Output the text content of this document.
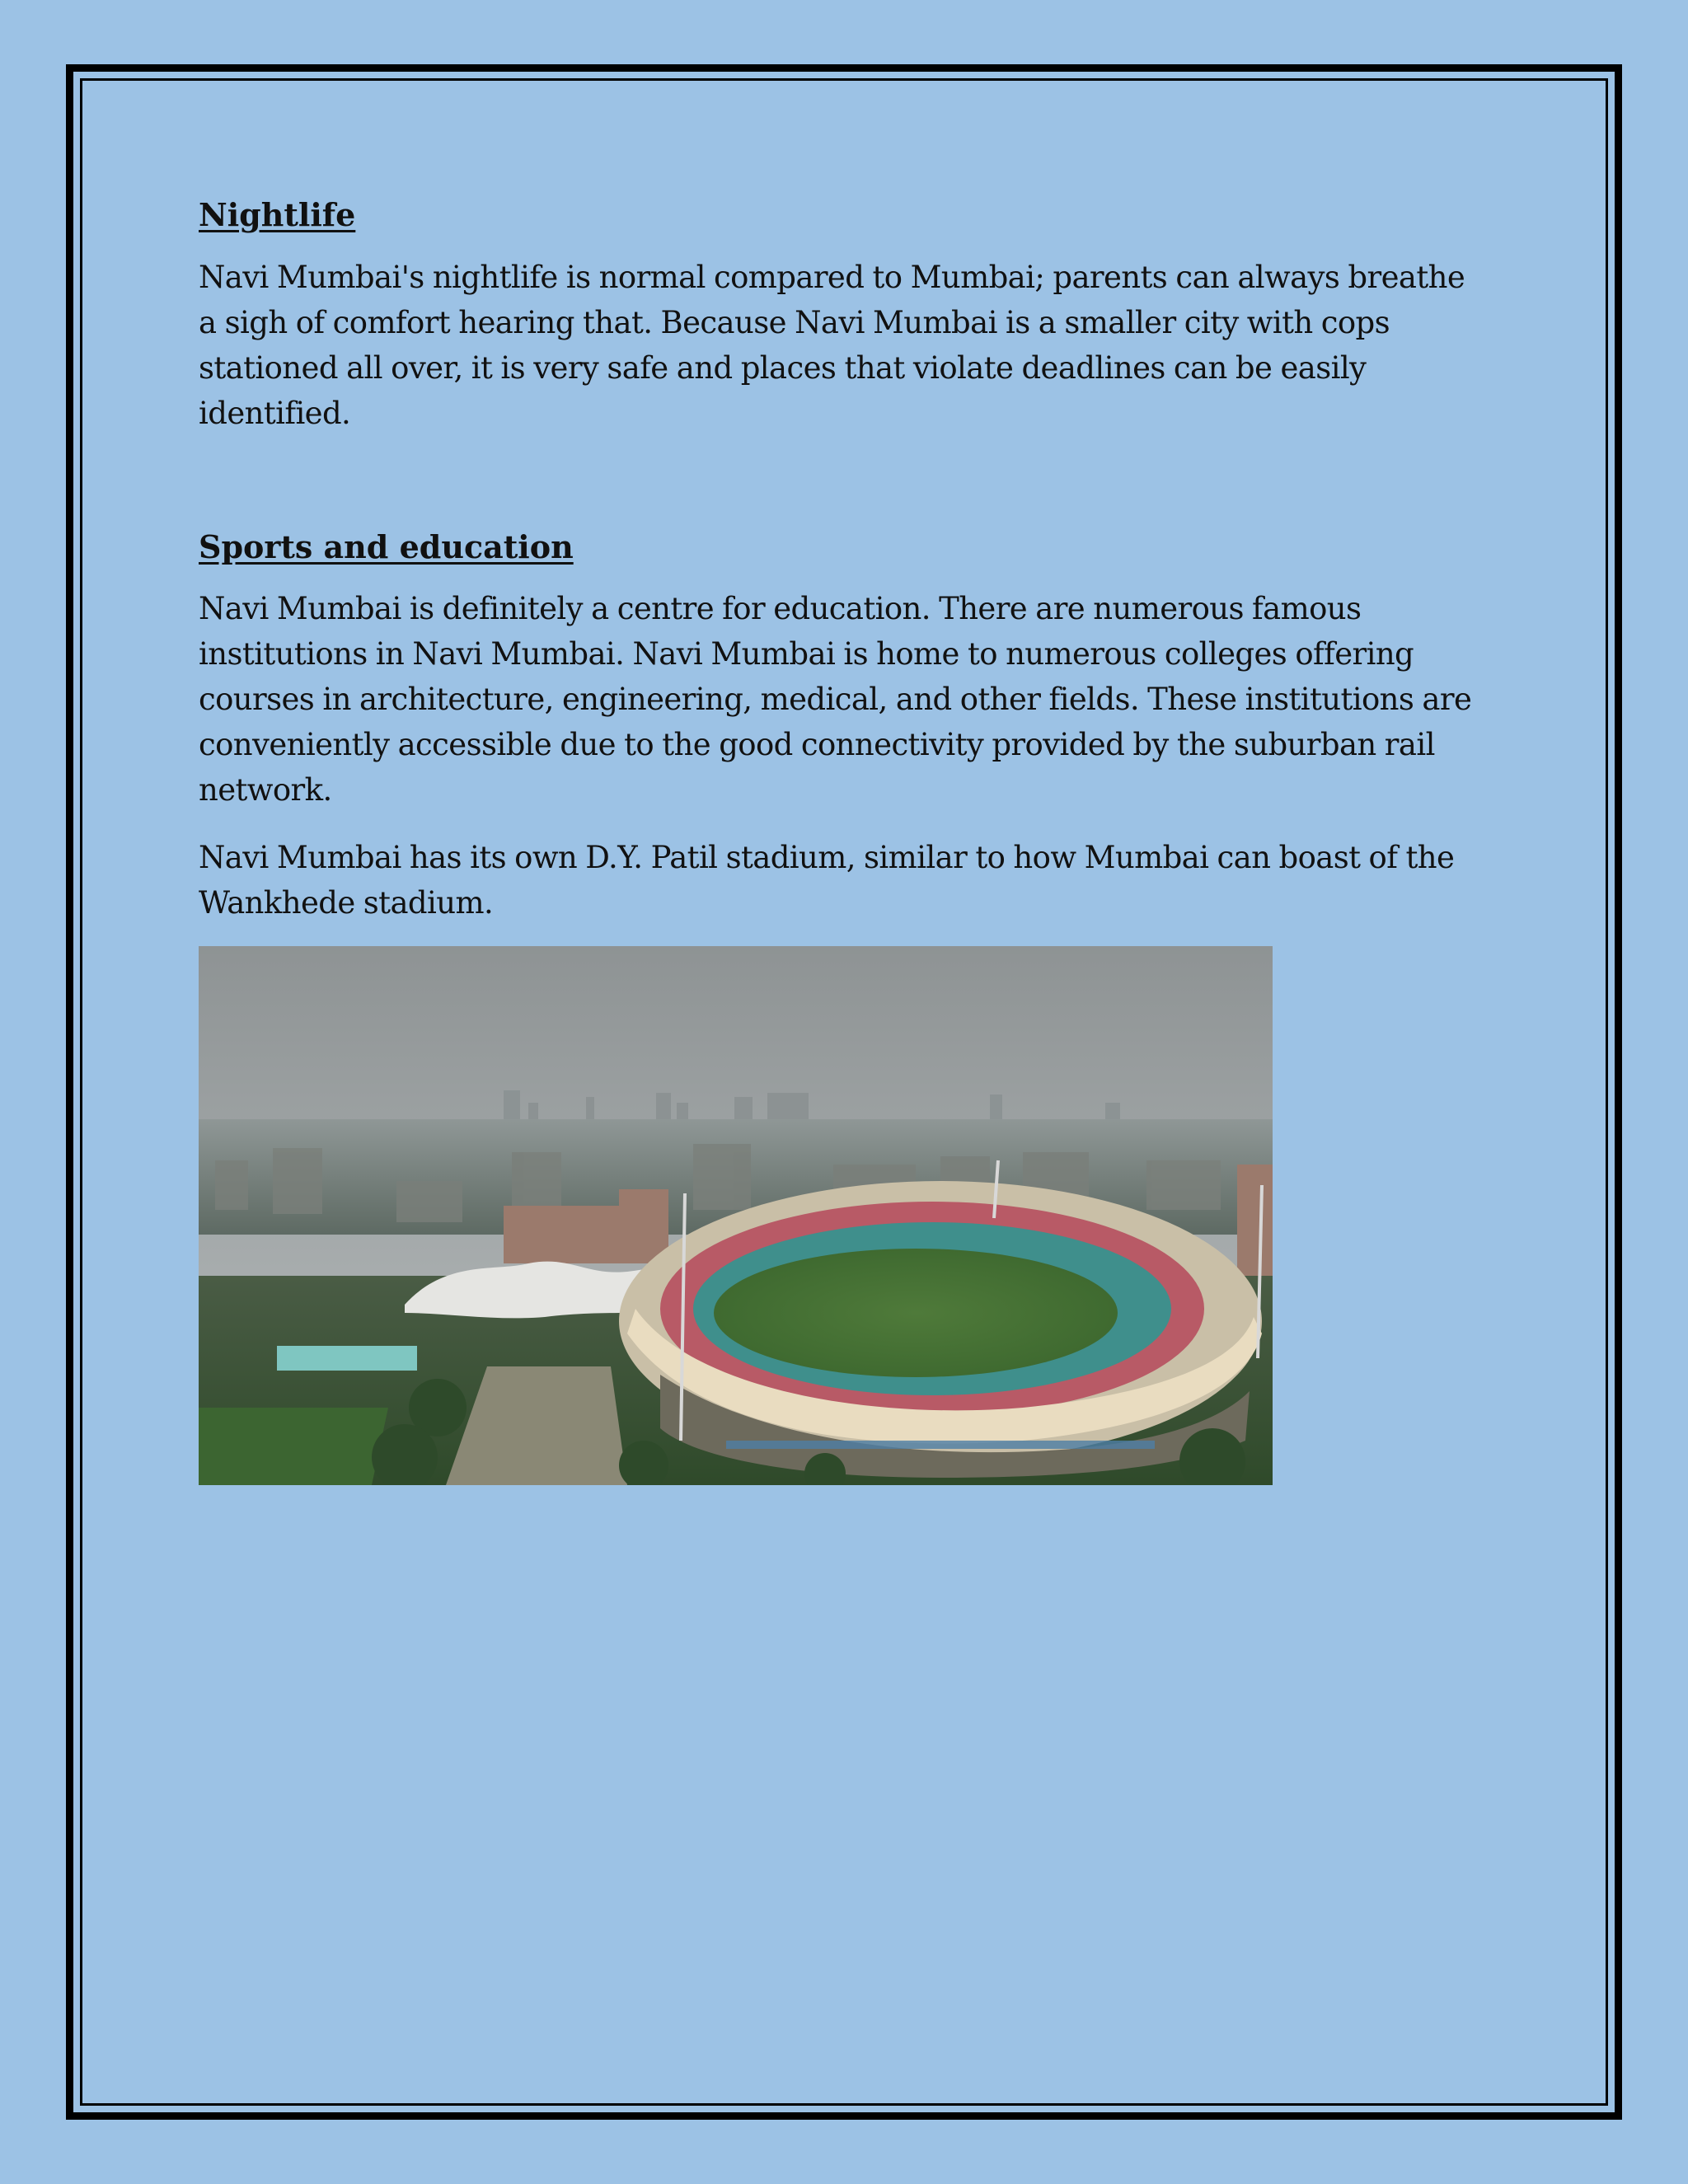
Nightlife

Navi Mumbai's nightlife is normal compared to Mumbai; parents can always breathe a sigh of comfort hearing that. Because Navi Mumbai is a smaller city with cops stationed all over, it is very safe and places that violate deadlines can be easily identified.

Sports and education

Navi Mumbai is definitely a centre for education. There are numerous famous institutions in Navi Mumbai. Navi Mumbai is home to numerous colleges offering courses in architecture, engineering, medical, and other fields. These institutions are conveniently accessible due to the good connectivity provided by the suburban rail network.

Navi Mumbai has its own D.Y. Patil stadium, similar to how Mumbai can boast of the Wankhede stadium.
